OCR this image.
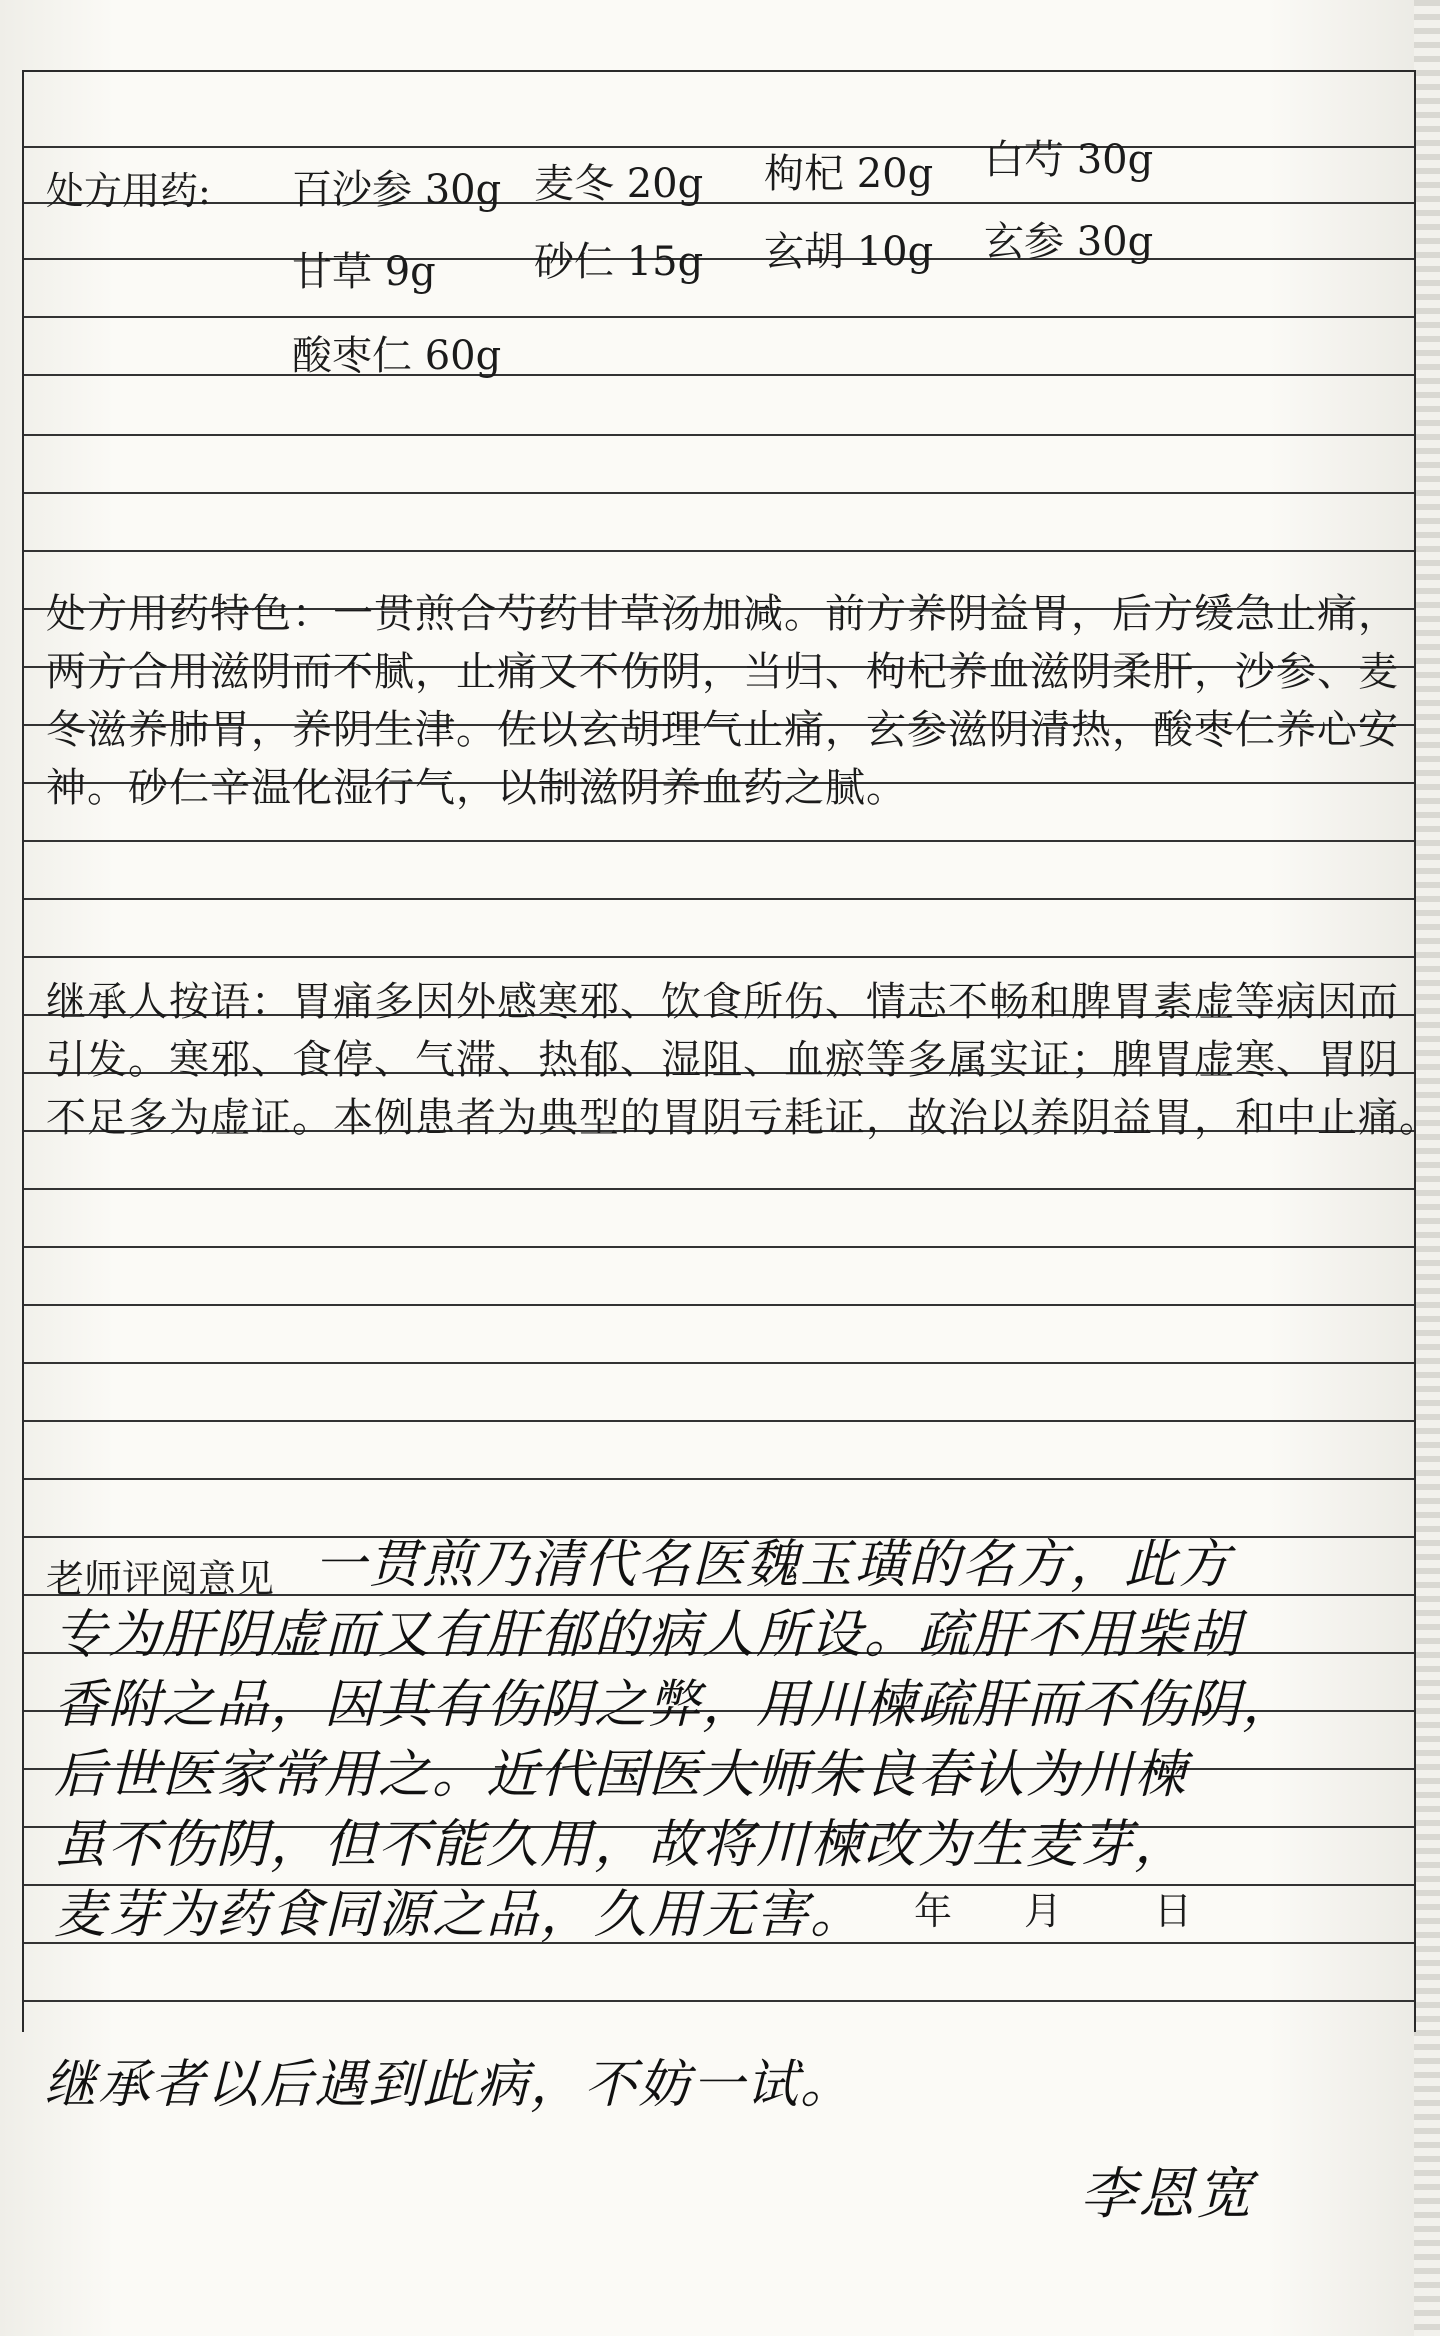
处方用药: 百沙参 30g 麦冬 20g 枸杞 20g 白芍 30g
甘草 9g 砂仁 15g 玄胡 10g 玄参 30g
酸枣仁 60g
处方用药特色：一贯煎合芍药甘草汤加减。前方养阴益胃，后方缓急止痛，
两方合用滋阴而不腻，止痛又不伤阴，当归、枸杞养血滋阴柔肝，沙参、麦
冬滋养肺胃，养阴生津。佐以玄胡理气止痛，玄参滋阴清热，酸枣仁养心安
神。砂仁辛温化湿行气，以制滋阴养血药之腻。
继承人按语：胃痛多因外感寒邪、饮食所伤、情志不畅和脾胃素虚等病因而
引发。寒邪、食停、气滞、热郁、湿阻、血瘀等多属实证；脾胃虚寒、胃阴
不足多为虚证。本例患者为典型的胃阴亏耗证，故治以养阴益胃，和中止痛。
老师评阅意见 一贯煎乃清代名医魏玉璜的名方，此方
专为肝阴虚而又有肝郁的病人所设。疏肝不用柴胡
香附之品，因其有伤阴之弊，用川楝疏肝而不伤阴，
后世医家常用之。近代国医大师朱良春认为川楝
虽不伤阴，但不能久用，故将川楝改为生麦芽，
麦芽为药食同源之品，久用无害。 年 月 日
继承者以后遇到此病，不妨一试。
李恩宽
